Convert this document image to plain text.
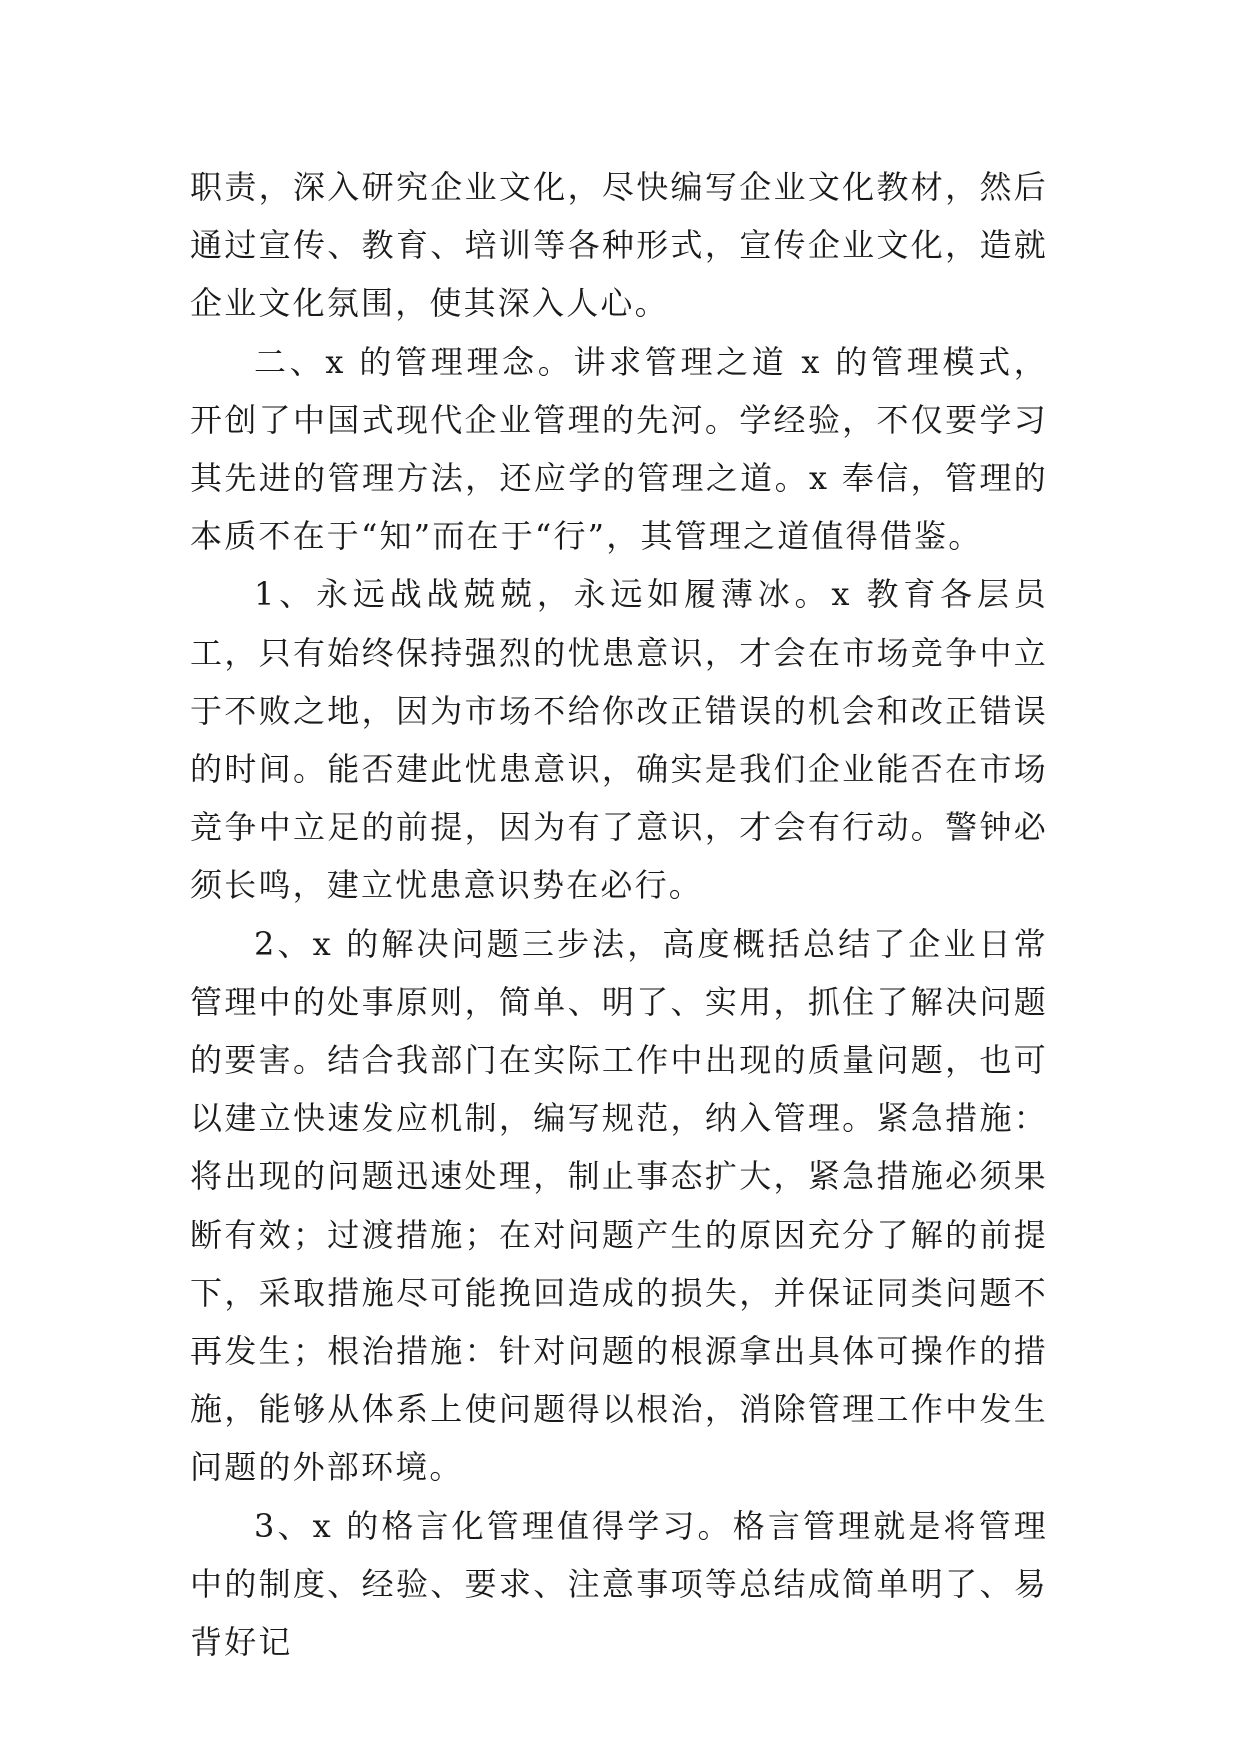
职责，深入研究企业文化，尽快编写企业文化教材，然后通过宣传、教育、培训等各种形式，宣传企业文化，造就企业文化氛围，使其深入人心。

二、x 的管理理念。讲求管理之道 x 的管理模式，开创了中国式现代企业管理的先河。学经验，不仅要学习其先进的管理方法，还应学的管理之道。x 奉信，管理的本质不在于“知”而在于“行”，其管理之道值得借鉴。

1、永远战战兢兢，永远如履薄冰。x 教育各层员工，只有始终保持强烈的忧患意识，才会在市场竞争中立于不败之地，因为市场不给你改正错误的机会和改正错误的时间。能否建此忧患意识，确实是我们企业能否在市场竞争中立足的前提，因为有了意识，才会有行动。警钟必须长鸣，建立忧患意识势在必行。

2、x 的解决问题三步法，高度概括总结了企业日常管理中的处事原则，简单、明了、实用，抓住了解决问题的要害。结合我部门在实际工作中出现的质量问题，也可以建立快速发应机制，编写规范，纳入管理。紧急措施：将出现的问题迅速处理，制止事态扩大，紧急措施必须果断有效；过渡措施；在对问题产生的原因充分了解的前提下，采取措施尽可能挽回造成的损失，并保证同类问题不再发生；根治措施：针对问题的根源拿出具体可操作的措施，能够从体系上使问题得以根治，消除管理工作中发生问题的外部环境。

3、x 的格言化管理值得学习。格言管理就是将管理中的制度、经验、要求、注意事项等总结成简单明了、易背好记
